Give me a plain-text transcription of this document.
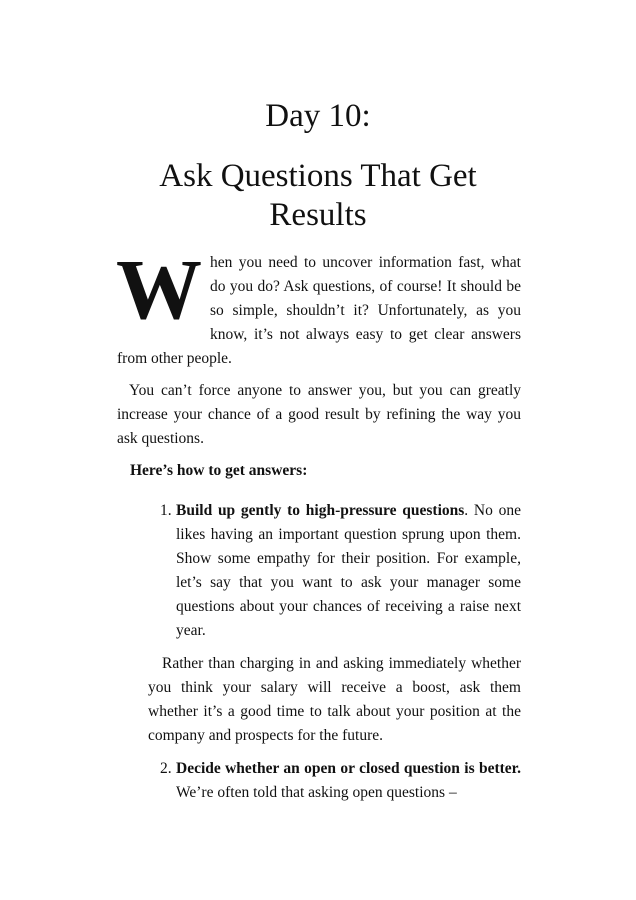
Day 10:
Ask Questions That Get Results

When you need to uncover information fast, what do you do? Ask questions, of course! It should be so simple, shouldn’t it? Unfortunately, as you know, it’s not always easy to get clear answers from other people.

You can’t force anyone to answer you, but you can greatly increase your chance of a good result by refining the way you ask questions.

Here’s how to get answers:

1. Build up gently to high-pressure questions. No one likes having an important question sprung upon them. Show some empathy for their position. For example, let’s say that you want to ask your manager some questions about your chances of receiving a raise next year.

Rather than charging in and asking immediately whether you think your salary will receive a boost, ask them whether it’s a good time to talk about your position at the company and prospects for the future.

2. Decide whether an open or closed question is better. We’re often told that asking open questions –
